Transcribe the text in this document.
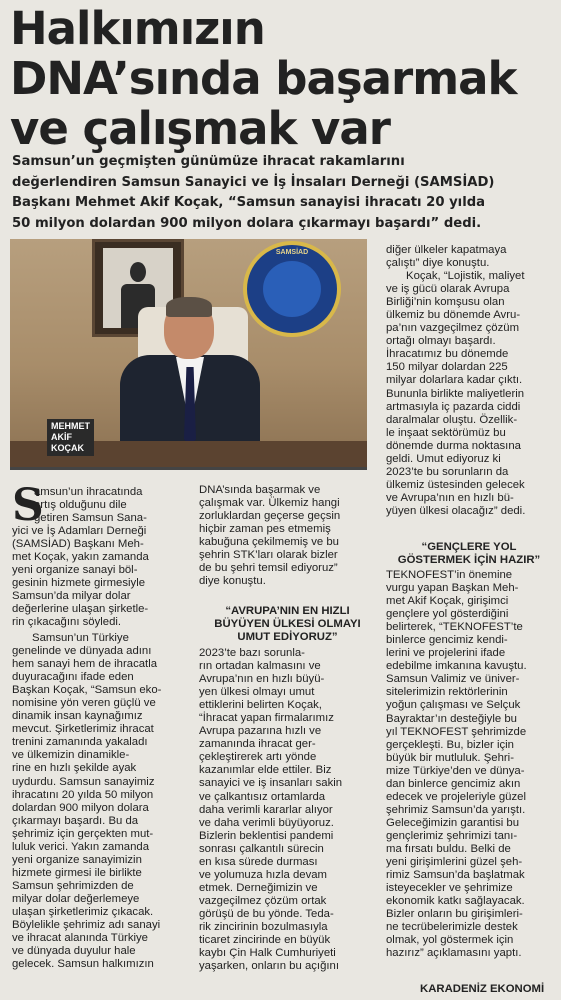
Halkımızın
DNA’sında başarmak
ve çalışmak var
Samsun’un geçmişten günümüze ihracat rakamlarını
değerlendiren Samsun Sanayici ve İş İnsaları Derneği (SAMSİAD)
Başkanı Mehmet Akif Koçak, “Samsun sanayisi ihracatı 20 yılda
50 milyon dolardan 900 milyon dolara çıkarmayı başardı” dedi.
SAMSİAD
MEHMET
AKİF
KOÇAK
S
amsun’un ihracatında
artış olduğunu dile
getiren Samsun Sana-
yici ve İş Adamları Derneği
(SAMSİAD) Başkanı Meh-
met Koçak, yakın zamanda
yeni organize sanayi böl-
gesinin hizmete girmesiyle
Samsun’da milyar dolar
değerlerine ulaşan şirketle-
rin çıkacağını söyledi.
Samsun’un Türkiye
genelinde ve dünyada adını
hem sanayi hem de ihracatla
duyuracağını ifade eden
Başkan Koçak, “Samsun eko-
nomisine yön veren güçlü ve
dinamik insan kaynağımız
mevcut. Şirketlerimiz ihracat
trenini zamanında yakaladı
ve ülkemizin dinamikle-
rine en hızlı şekilde ayak
uydurdu. Samsun sanayimiz
ihracatını 20 yılda 50 milyon
dolardan 900 milyon dolara
çıkarmayı başardı. Bu da
şehrimiz için gerçekten mut-
luluk verici. Yakın zamanda
yeni organize sanayimizin
hizmete girmesi ile birlikte
Samsun şehrimizden de
milyar dolar değerlemeye
ulaşan şirketlerimiz çıkacak.
Böylelikle şehrimiz adı sanayi
ve ihracat alanında Türkiye
ve dünyada duyulur hale
gelecek. Samsun halkımızın
DNA’sında başarmak ve
çalışmak var. Ülkemiz hangi
zorluklardan geçerse geçsin
hiçbir zaman pes etmemiş
kabuğuna çekilmemiş ve bu
şehrin STK’ları olarak bizler
de bu şehri temsil ediyoruz”
diye konuştu.
“AVRUPA’NIN EN HIZLI
BÜYÜYEN ÜLKESİ OLMAYI
UMUT EDİYORUZ”
2023’te bazı sorunla-
rın ortadan kalmasını ve
Avrupa’nın en hızlı büyü-
yen ülkesi olmayı umut
ettiklerini belirten Koçak,
“İhracat yapan firmalarımız
Avrupa pazarına hızlı ve
zamanında ihracat ger-
çekleştirerek artı yönde
kazanımlar elde ettiler. Biz
sanayici ve iş insanları sakin
ve çalkantısız ortamlarda
daha verimli kararlar alıyor
ve daha verimli büyüyoruz.
Bizlerin beklentisi pandemi
sonrası çalkantılı sürecin
en kısa sürede durması
ve yolumuza hızla devam
etmek. Derneğimizin ve
vazgeçilmez çözüm ortak
görüşü de bu yönde. Teda-
rik zincirinin bozulmasıyla
ticaret zincirinde en büyük
kaybı Çin Halk Cumhuriyeti
yaşarken, onların bu açığını
diğer ülkeler kapatmaya
çalıştı” diye konuştu.
Koçak, “Lojistik, maliyet
ve iş gücü olarak Avrupa
Birliği’nin komşusu olan
ülkemiz bu dönemde Avru-
pa’nın vazgeçilmez çözüm
ortağı olmayı başardı.
İhracatımız bu dönemde
150 milyar dolardan 225
milyar dolarlara kadar çıktı.
Bununla birlikte maliyetlerin
artmasıyla iç pazarda ciddi
daralmalar oluştu. Özellik-
le inşaat sektörümüz bu
dönemde durma noktasına
geldi. Umut ediyoruz ki
2023’te bu sorunların da
ülkemiz üstesinden gelecek
ve Avrupa’nın en hızlı bü-
yüyen ülkesi olacağız” dedi.
“GENÇLERE YOL
GÖSTERMEK İÇİN HAZIR”
TEKNOFEST’in önemine
vurgu yapan Başkan Meh-
met Akif Koçak, girişimci
gençlere yol gösterdiğini
belirterek, “TEKNOFEST’te
binlerce gencimiz kendi-
lerini ve projelerini ifade
edebilme imkanına kavuştu.
Samsun Valimiz ve üniver-
sitelerimizin rektörlerinin
yoğun çalışması ve Selçuk
Bayraktar’ın desteğiyle bu
yıl TEKNOFEST şehrimizde
gerçekleşti. Bu, bizler için
büyük bir mutluluk. Şehri-
mize Türkiye’den ve dünya-
dan binlerce gencimiz akın
edecek ve projeleriyle güzel
şehrimiz Samsun’da yarıştı.
Geleceğimizin garantisi bu
gençlerimiz şehrimizi tanı-
ma fırsatı buldu. Belki de
yeni girişimlerini güzel şeh-
rimiz Samsun’da başlatmak
isteyecekler ve şehrimize
ekonomik katkı sağlayacak.
Bizler onların bu girişimleri-
ne tecrübelerimizle destek
olmak, yol göstermek için
hazırız” açıklamasını yaptı.
KARADENİZ EKONOMİ
